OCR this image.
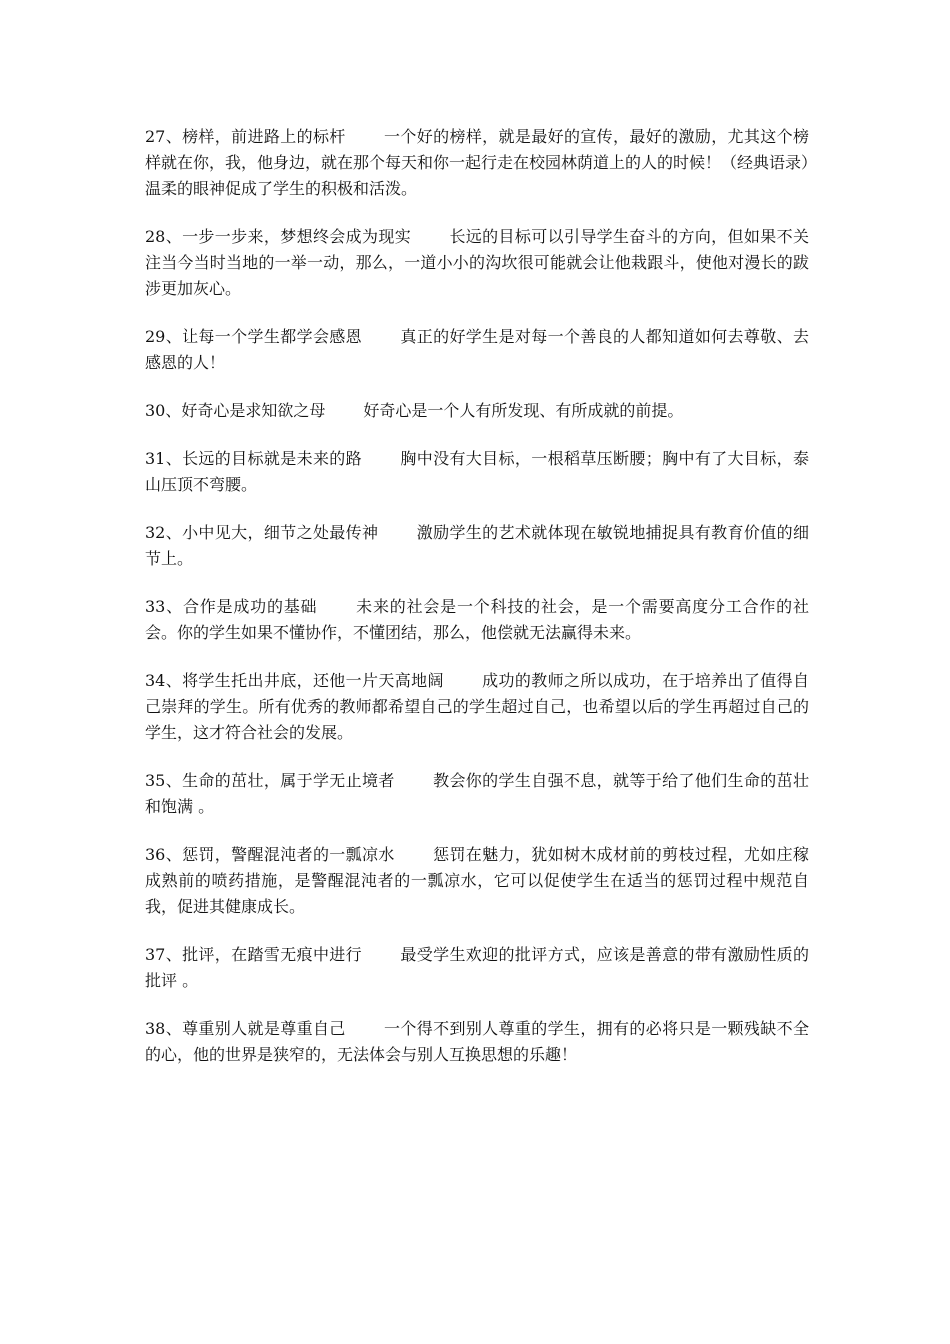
27、榜样，前进路上的标杆 一个好的榜样，就是最好的宣传，最好的激励，尤其这个榜样就在你，我，他身边，就在那个每天和你一起行走在校园林荫道上的人的时候！（经典语录）温柔的眼神促成了学生的积极和活泼。

28、一步一步来，梦想终会成为现实 长远的目标可以引导学生奋斗的方向，但如果不关注当今当时当地的一举一动，那么，一道小小的沟坎很可能就会让他栽跟斗，使他对漫长的跋涉更加灰心。

29、让每一个学生都学会感恩 真正的好学生是对每一个善良的人都知道如何去尊敬、去感恩的人！

30、好奇心是求知欲之母 好奇心是一个人有所发现、有所成就的前提。

31、长远的目标就是未来的路 胸中没有大目标，一根稻草压断腰；胸中有了大目标，泰山压顶不弯腰。

32、小中见大，细节之处最传神 激励学生的艺术就体现在敏锐地捕捉具有教育价值的细节上。

33、合作是成功的基础 未来的社会是一个科技的社会，是一个需要高度分工合作的社会。你的学生如果不懂协作，不懂团结，那么，他偿就无法赢得未来。

34、将学生托出井底，还他一片天高地阔 成功的教师之所以成功，在于培养出了值得自己崇拜的学生。所有优秀的教师都希望自己的学生超过自己，也希望以后的学生再超过自己的学生，这才符合社会的发展。

35、生命的茁壮，属于学无止境者 教会你的学生自强不息，就等于给了他们生命的茁壮和饱满 。

36、惩罚，警醒混沌者的一瓢凉水 惩罚在魅力，犹如树木成材前的剪枝过程，尤如庄稼成熟前的喷药措施，是警醒混沌者的一瓢凉水，它可以促使学生在适当的惩罚过程中规范自我，促进其健康成长。

37、批评，在踏雪无痕中进行 最受学生欢迎的批评方式，应该是善意的带有激励性质的批评 。

38、尊重别人就是尊重自己 一个得不到别人尊重的学生，拥有的必将只是一颗残缺不全的心，他的世界是狭窄的，无法体会与别人互换思想的乐趣！
